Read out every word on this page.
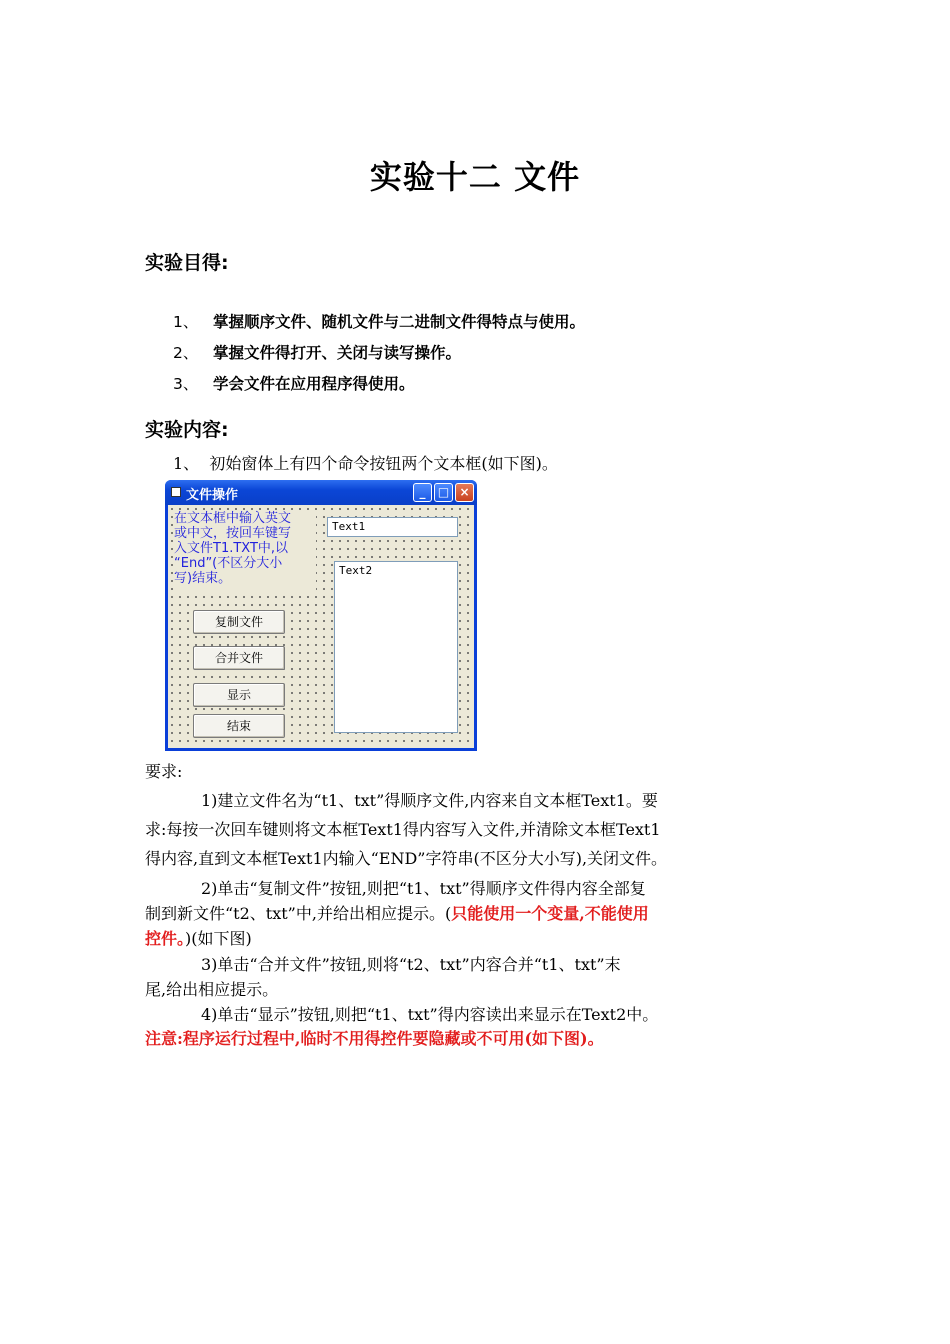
实验十二 文件
实验目得:
1、 掌握顺序文件、随机文件与二进制文件得特点与使用。
2、 掌握文件得打开、关闭与读写操作。
3、 学会文件在应用程序得使用。
实验内容:
1、  初始窗体上有四个命令按钮两个文本框(如下图)。
文件操作	_	□ ×
在文本框中输入英文
或中文，按回车键写
入文件T1.TXT中,以
“End”(不区分大小
写)结束。
Text1
Text2
复制文件
合并文件
显示
结束
要求:
1)建立文件名为“t1、txt”得顺序文件,内容来自文本框Text1。要
求:每按一次回车键则将文本框Text1得内容写入文件,并清除文本框Text1
得内容,直到文本框Text1内输入“END”字符串(不区分大小写),关闭文件。
2)单击“复制文件”按钮,则把“t1、txt”得顺序文件得内容全部复
制到新文件“t2、txt”中,并给出相应提示。(只能使用一个变量,不能使用
控件。)(如下图)
3)单击“合并文件”按钮,则将“t2、txt”内容合并“t1、txt”末
尾,给出相应提示。
4)单击“显示”按钮,则把“t1、txt”得内容读出来显示在Text2中。
注意:程序运行过程中,临时不用得控件要隐藏或不可用(如下图)。
